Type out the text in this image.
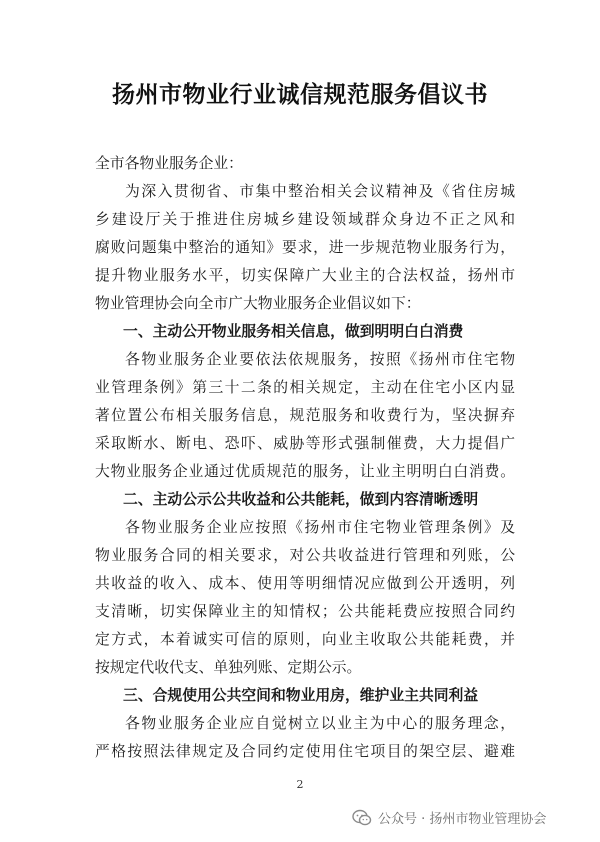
扬州市物业行业诚信规范服务倡议书
全市各物业服务企业：
为深入贯彻省、市集中整治相关会议精神及《省住房城
乡建设厅关于推进住房城乡建设领域群众身边不正之风和
腐败问题集中整治的通知》要求，进一步规范物业服务行为，
提升物业服务水平，切实保障广大业主的合法权益，扬州市
物业管理协会向全市广大物业服务企业倡议如下：
一、主动公开物业服务相关信息，做到明明白白消费
各物业服务企业要依法依规服务，按照《扬州市住宅物
业管理条例》第三十二条的相关规定，主动在住宅小区内显
著位置公布相关服务信息，规范服务和收费行为，坚决摒弃
采取断水、断电、恐吓、威胁等形式强制催费，大力提倡广
大物业服务企业通过优质规范的服务，让业主明明白白消费。
二、主动公示公共收益和公共能耗，做到内容清晰透明
各物业服务企业应按照《扬州市住宅物业管理条例》及
物业服务合同的相关要求，对公共收益进行管理和列账，公
共收益的收入、成本、使用等明细情况应做到公开透明，列
支清晰，切实保障业主的知情权；公共能耗费应按照合同约
定方式，本着诚实可信的原则，向业主收取公共能耗费，并
按规定代收代支、单独列账、定期公示。
三、合规使用公共空间和物业用房，维护业主共同利益
各物业服务企业应自觉树立以业主为中心的服务理念，
严格按照法律规定及合同约定使用住宅项目的架空层、避难
2
公众号 · 扬州市物业管理协会
